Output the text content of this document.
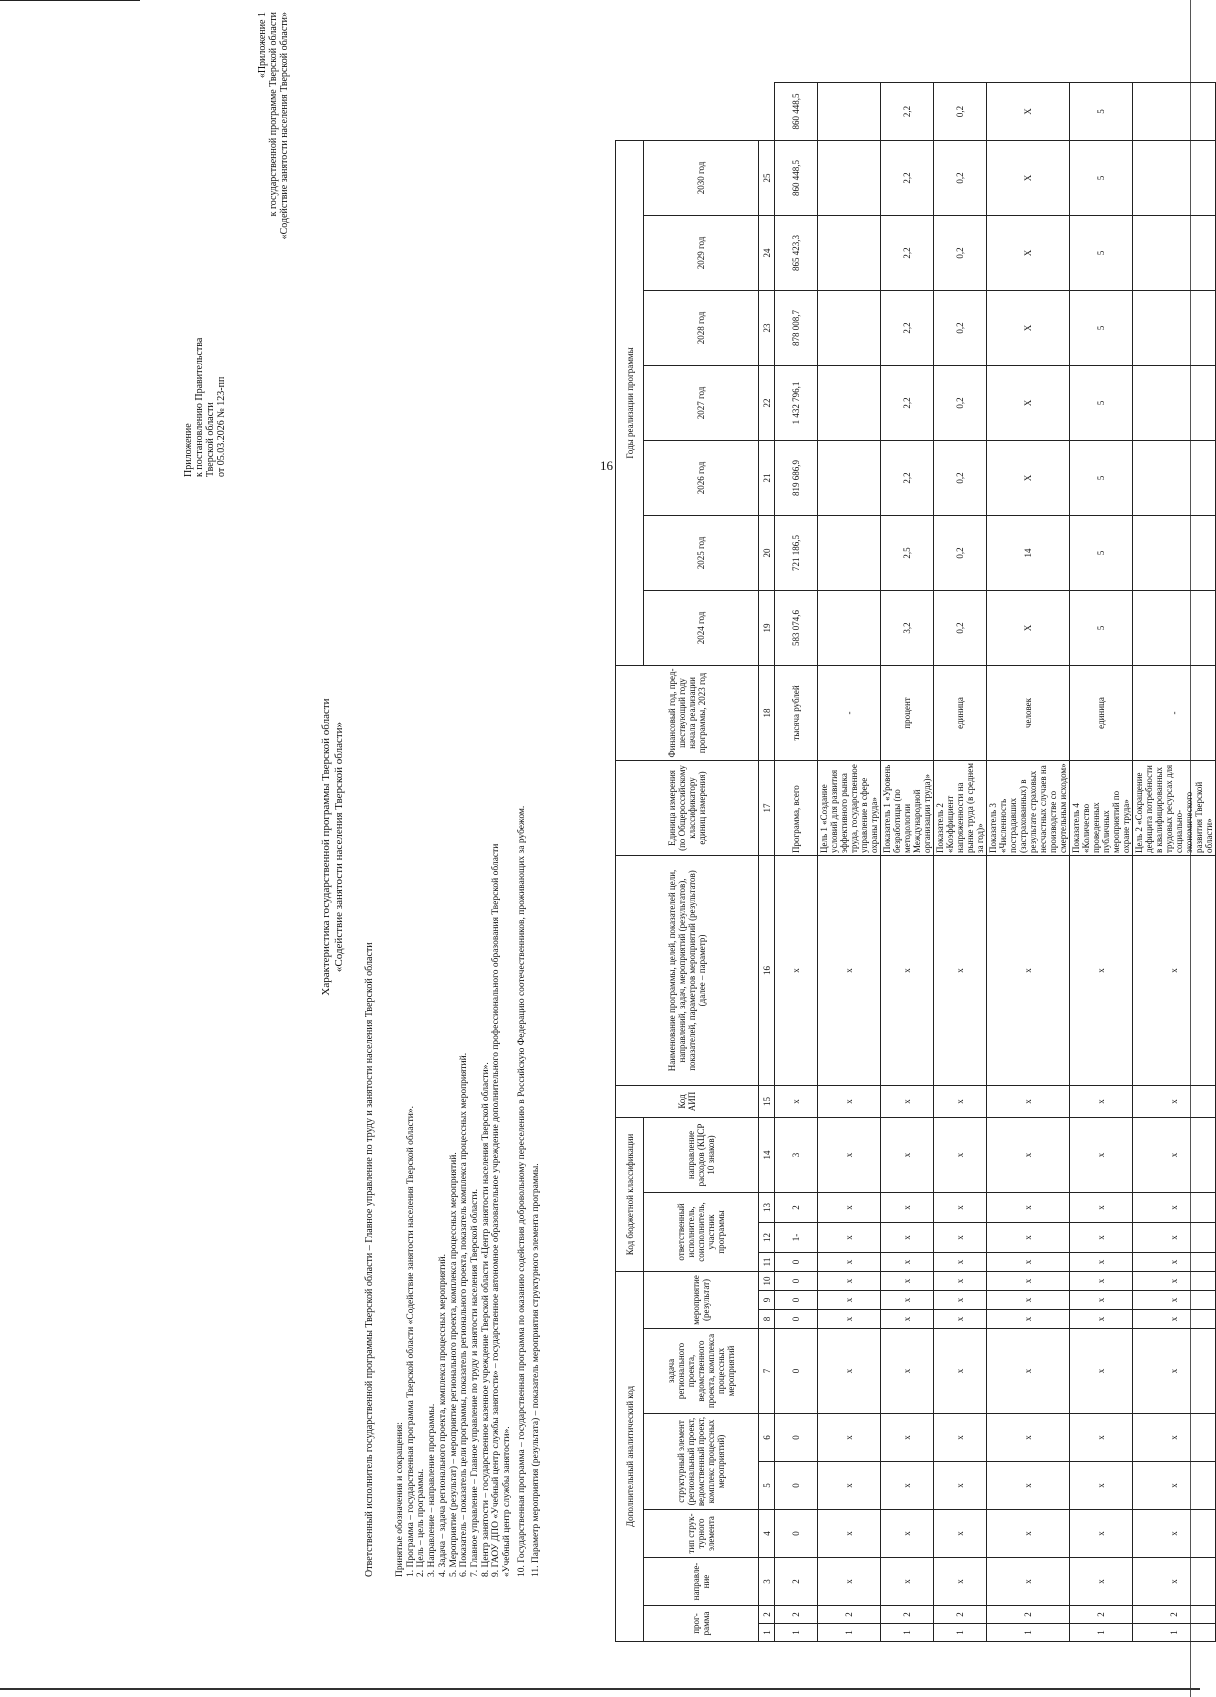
16
Приложение к постановлению Правительства Тверской области от 05.03.2026 № 123-пп
«Приложение 1 к государственной программе Тверской области «Содействие занятости населения Тверской области»
Характеристика государственной программы Тверской области «Содействие занятости населения Тверской области»
Ответственный исполнитель государственной программы Тверской области – Главное управление по труду и занятости населения Тверской области Принятые обозначения и сокращения: 1. Программа – государственная программа Тверской области «Содействие занятости населения Тверской области». 2. Цель – цель программы. 3. Направление – направление программы. 4. Задача – задача регионального проекта, комплекса процессных мероприятий. 5. Мероприятие (результат) – мероприятие регионального проекта, комплекса процессных мероприятий. 6. Показатель – показатель цели программы, показатель регионального проекта, показатель комплекса процессных мероприятий. 7. Главное управление – Главное управление по труду и занятости населения Тверской области. 8. Центр занятости – государственное казенное учреждение Тверской области «Центр занятости населения Тверской области». 9. ГАОУ ДПО «Учебный центр службы занятости» – государственное автономное образовательное учреждение дополнительного профессионального образования Тверской области «Учебный центр службы занятости». 10. Государственная программа – государственная программа по оказанию содействия добровольному переселению в Российскую Федерацию соотечественников, проживающих за рубежом. 11. Параметр мероприятия (результата) – показатель мероприятия структурного элемента программы.	Дополнительный аналитический код										Код бюджетной классификации				Код АИП	Наименование программы, целей, показателей цели, направлений, задач, мероприятий (результатов), показателей, параметров мероприятий (результатов) (далее – параметр)	Единица измерения (по Общероссийскому классификатору единиц измерения)	Финансовый год, пред-шествующий году начала реализации программы, 2023 год	Годы реализации программы							
прог-рамма		направле-ние	тип струк-турного элемента	структурный элемент (региональный проект, ведомственный проект, комплекс процессных мероприятий)		задача регионального проекта, ведомственного проекта, комплекса процессных мероприятий	мероприятие (результат)			ответственный исполнитель, соисполнитель, участник программы			направление расходов (КЦСР 10 знаков)					2024 год	2025 год	2026 год	2027 год	2028 год	2029 год	2030 год	
1	2	3	4	5	6	7	8	9	10	11	12	13	14	15	16	17	18	19	20	21	22	23	24	25	
1	2	2	0	0	0	0	0	0	0	0	1-	2	3	х	х	Программа, всего	тысяча рублей	583 074,6	721 186,5	819 686,9	1 432 796,1	878 008,7	865 423,3	860 448,5	860 448,5
1	2	х	х	х	х	х	х	х	х	х	х	х	х	х	х	Цель 1 «Создание условий для развития эффективного рынка труда, государственное управление в сфере охраны труда»	-								
1	2	х	х	х	х	х	х	х	х	х	х	х	х	х	х	Показатель 1 «Уровень безработицы (по методологии Международной организации труда)»	процент	3,2	2,5	2,2	2,2	2,2	2,2	2,2	2,2
1	2	х	х	х	х	х	х	х	х	х	х	х	х	х	х	Показатель 2 «Коэффициент напряженности на рынке труда (в среднем за год)»	единица	0,2	0,2	0,2	0,2	0,2	0,2	0,2	0,2
1	2	х	х	х	х	х	х	х	х	х	х	х	х	х	х	Показатель 3 «Численность пострадавших (застрахованных) в результате страховых несчастных случаев на производстве со смертельным исходом»	человек	Х	14	Х	Х	Х	Х	Х	Х
1	2	х	х	х	х	х	х	х	х	х	х	х	х	х	х	Показатель 4 «Количество проведенных публичных мероприятий по охране труда»	единица	5	5	5	5	5	5	5	5
1	2	х	х	х	х	х	х	х	х	х	х	х	х	х	х	Цель 2 «Сокращение дефицита потребности в квалифицированных трудовых ресурсах для социально-экономического развития Тверской области»	-								
